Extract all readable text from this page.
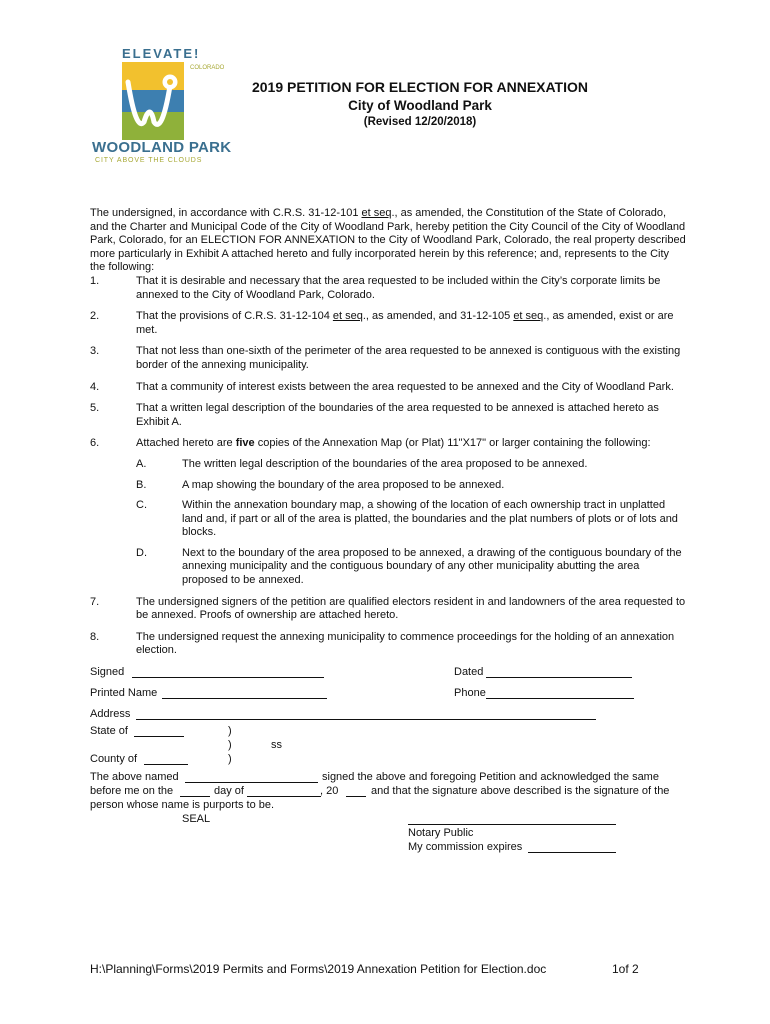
ELEVATE!
COLORADO
WOODLAND PARK
CITY ABOVE THE CLOUDS
2019 PETITION FOR ELECTION FOR ANNEXATION
City of Woodland Park
(Revised 12/20/2018)

The undersigned, in accordance with C.R.S. 31-12-101 et seq., as amended, the Constitution of the State of Colorado, and the Charter and Municipal Code of the City of Woodland Park, hereby petition the City Council of the City of Woodland Park, Colorado, for an ELECTION FOR ANNEXATION to the City of Woodland Park, Colorado, the real property described more particularly in Exhibit A attached hereto and fully incorporated herein by this reference; and, represents to the City the following:

1.	That it is desirable and necessary that the area requested to be included within the City’s corporate limits be annexed to the City of Woodland Park, Colorado.
2.	That the provisions of C.R.S. 31-12-104 et seq., as amended, and 31-12-105 et seq., as amended, exist or are met.
3.	That not less than one-sixth of the perimeter of the area requested to be annexed is contiguous with the existing border of the annexing municipality.
4.	That a community of interest exists between the area requested to be annexed and the City of Woodland Park.
5.	That a written legal description of the boundaries of the area requested to be annexed is attached hereto as Exhibit A.
6.	Attached hereto are five copies of the Annexation Map (or Plat) 11"X17" or larger containing the following:
A.	The written legal description of the boundaries of the area proposed to be annexed.
B.	A map showing the boundary of the area proposed to be annexed.
C.	Within the annexation boundary map, a showing of the location of each ownership tract in unplatted land and, if part or all of the area is platted, the boundaries and the plat numbers of plots or of lots and blocks.
D.	Next to the boundary of the area proposed to be annexed, a drawing of the contiguous boundary of the annexing municipality and the contiguous boundary of any other municipality abutting the area proposed to be annexed.
7.	The undersigned signers of the petition are qualified electors resident in and landowners of the area requested to be annexed. Proofs of ownership are attached hereto.
8.	The undersigned request the annexing municipality to commence proceedings for the holding of an annexation election.
Signed	Dated
Printed Name	Phone
Address
State of	)
)	ss
County of	)
The above named	signed the above and foregoing Petition and acknowledged the same
before me on the	day of	, 20	and that the signature above described is the signature of the
person whose name is purports to be.
SEAL
Notary Public
My commission expires
H:\Planning\Forms\2019 Permits and Forms\2019 Annexation Petition for Election.doc	1of 2
